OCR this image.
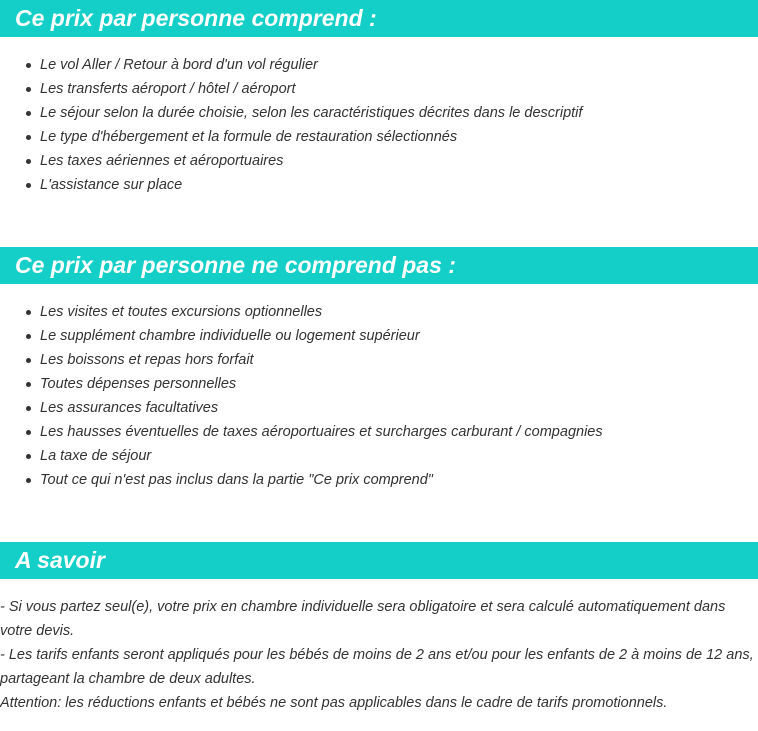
Ce prix par personne comprend :
Le vol Aller / Retour à bord d'un vol régulier
Les transferts aéroport / hôtel / aéroport
Le séjour selon la durée choisie, selon les caractéristiques décrites dans le descriptif
Le type d'hébergement et la formule de restauration sélectionnés
Les taxes aériennes et aéroportuaires
L'assistance sur place
Ce prix par personne ne comprend pas :
Les visites et toutes excursions optionnelles
Le supplément chambre individuelle ou logement supérieur
Les boissons et repas hors forfait
Toutes dépenses personnelles
Les assurances facultatives
Les hausses éventuelles de taxes aéroportuaires et surcharges carburant / compagnies
La taxe de séjour
Tout ce qui n'est pas inclus dans la partie "Ce prix comprend"
A savoir

- Si vous partez seul(e), votre prix en chambre individuelle sera obligatoire et sera calculé automatiquement dans votre devis.

- Les tarifs enfants seront appliqués pour les bébés de moins de 2 ans et/ou pour les enfants de 2 à moins de 12 ans, partageant la chambre de deux adultes.

Attention: les réductions enfants et bébés ne sont pas applicables dans le cadre de tarifs promotionnels.
